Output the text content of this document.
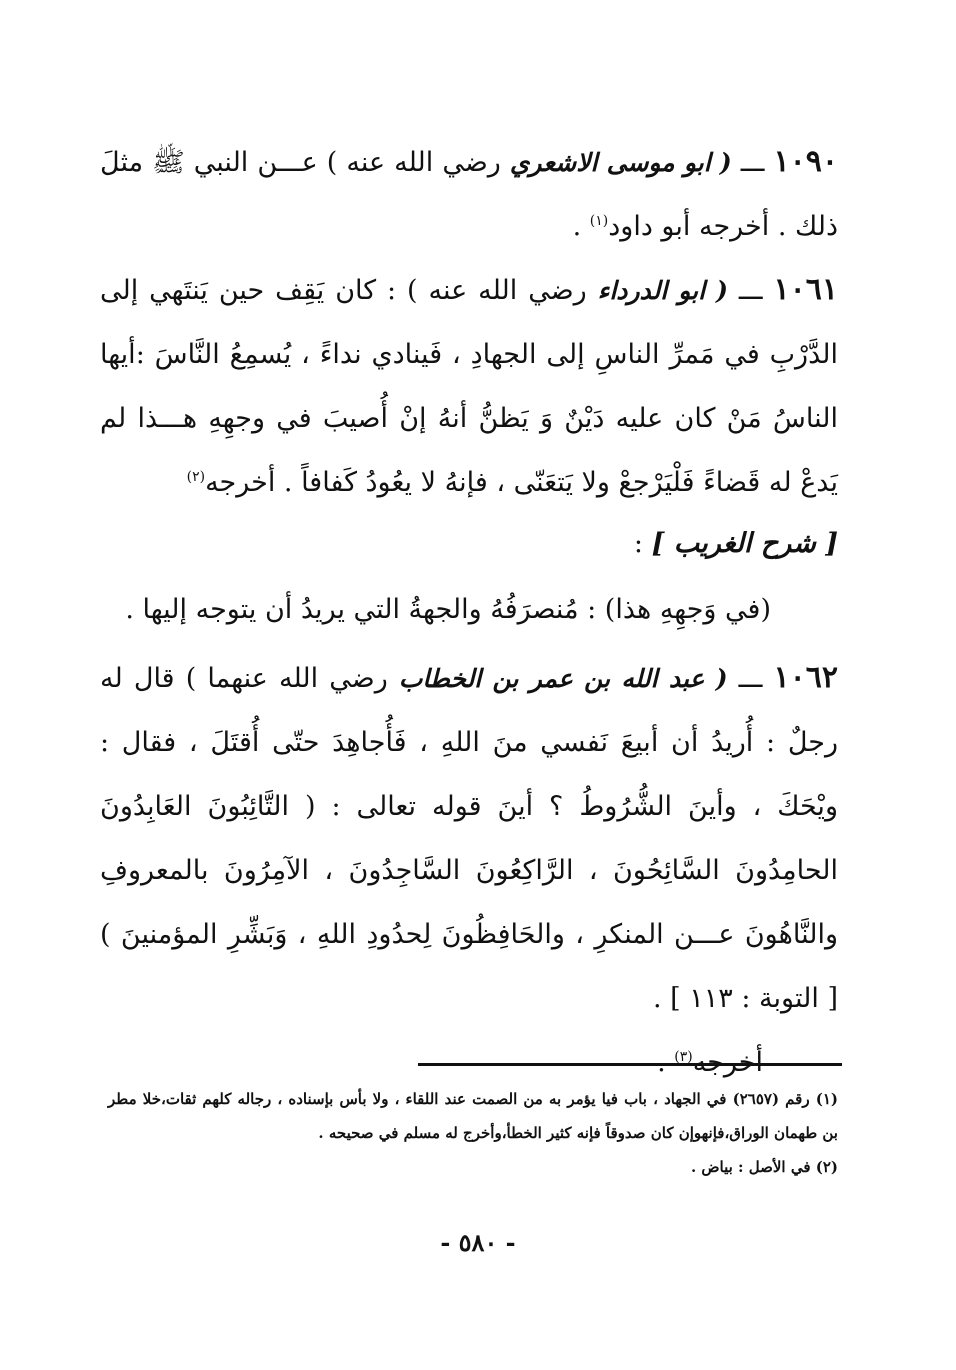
١٠٩٠ ـــ ( ابو موسى الاشعري رضي الله عنه ) عـــن النبي ﷺ مثلَ ذلك . أخرجه أبو داود$^{(١)}$ .

١٠٦١ ـــ ( ابو الدرداء رضي الله عنه ) : كان يَقِف حين يَنتَهي إلى الدَّرْبِ في مَمرِّ الناسِ إلى الجهادِ ، فَينادي نداءً ، يُسمِعُ النَّاسَ :أيها الناسُ مَنْ كان عليه دَيْنٌ وَ يَظنُّ أنهُ إنْ أُصيبَ في وجهِهِ هـــذا لم يَدعْ له قَضاءً فَلْيَرْجعْ ولا يَتعَنّى ، فإنهُ لا يعُودُ كَفافاً . أخرجه$^{(٢)}$

[ شرح الغريب ] :
(في وَجهِهِ هذا) : مُنصرَفُهُ والجهةُ التي يريدُ أن يتوجه إليها .

١٠٦٢ ـــ ( عبد الله بن عمر بن الخطاب رضي الله عنهما ) قال له رجلٌ : أُريدُ أن أبيعَ نَفسي منَ اللهِ ، فَأُجاهِدَ حتّى أُقتَلَ ، فقال : ويْحَكَ ، وأينَ الشُّرُوطُ ؟ أينَ قوله تعالى : ( التَّائِبُونَ العَابِدُونَ الحامِدُونَ السَّائِحُونَ ، الرَّاكِعُونَ السَّاجِدُونَ ، الآمِرُونَ بالمعروفِ والنَّاهُونَ عـــن المنكرِ ، والحَافِظُونَ لِحدُودِ اللهِ ، وَبَشِّرِ المؤمنينَ ) [ التوبة : ١١٣ ] .

أخرجه$^{(٣)}$ .

(١) رقم (٢٦٥٧) في الجهاد ، باب فيا يؤمر به من الصمت عند اللقاء ، ولا بأس بإسناده ، رجاله كلهم ثقات،خلا مطر بن طهمان الوراق،فإنهوإن كان صدوقاً فإنه كثير الخطأ،وأخرج له مسلم في صحيحه .

(٢) في الأصل : بياض .

- ٥٨٠ -
